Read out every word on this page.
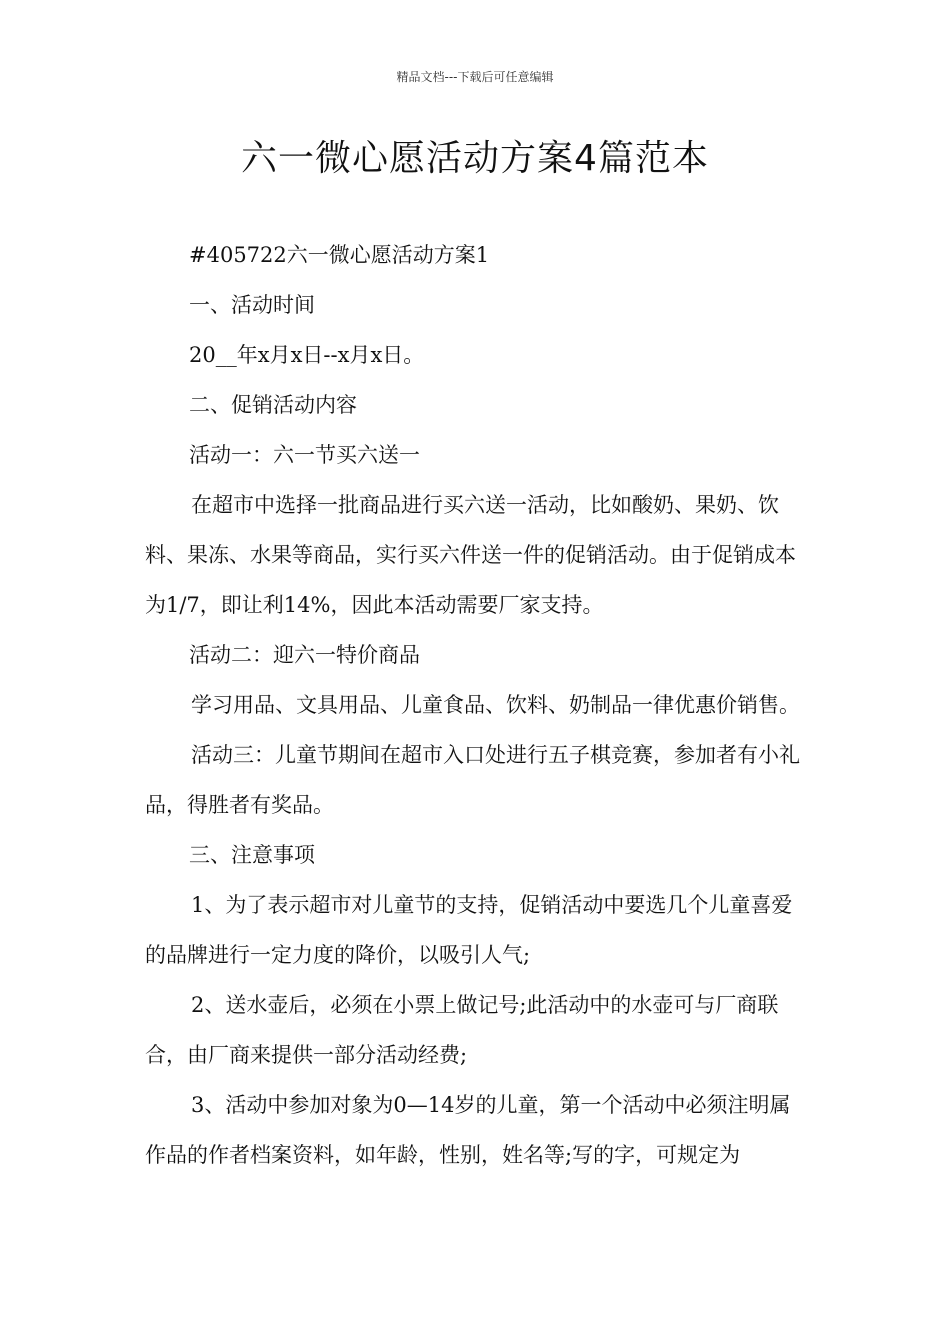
精品文档---下载后可任意编辑
六一微心愿活动方案4篇范本

#405722六一微心愿活动方案1

一、活动时间

20__年x月x日--x月x日。

二、促销活动内容

活动一：六一节买六送一

在超市中选择一批商品进行买六送一活动，比如酸奶、果奶、饮料、果冻、水果等商品，实行买六件送一件的促销活动。由于促销成本为1/7，即让利14%，因此本活动需要厂家支持。

活动二：迎六一特价商品

学习用品、文具用品、儿童食品、饮料、奶制品一律优惠价销售。

活动三：儿童节期间在超市入口处进行五子棋竞赛，参加者有小礼品，得胜者有奖品。

三、注意事项

1、为了表示超市对儿童节的支持，促销活动中要选几个儿童喜爱的品牌进行一定力度的降价，以吸引人气;

2、送水壶后，必须在小票上做记号;此活动中的水壶可与厂商联合，由厂商来提供一部分活动经费;

3、活动中参加对象为0—14岁的儿童，第一个活动中必须注明属作品的作者档案资料，如年龄，性别，姓名等;写的字，可规定为
